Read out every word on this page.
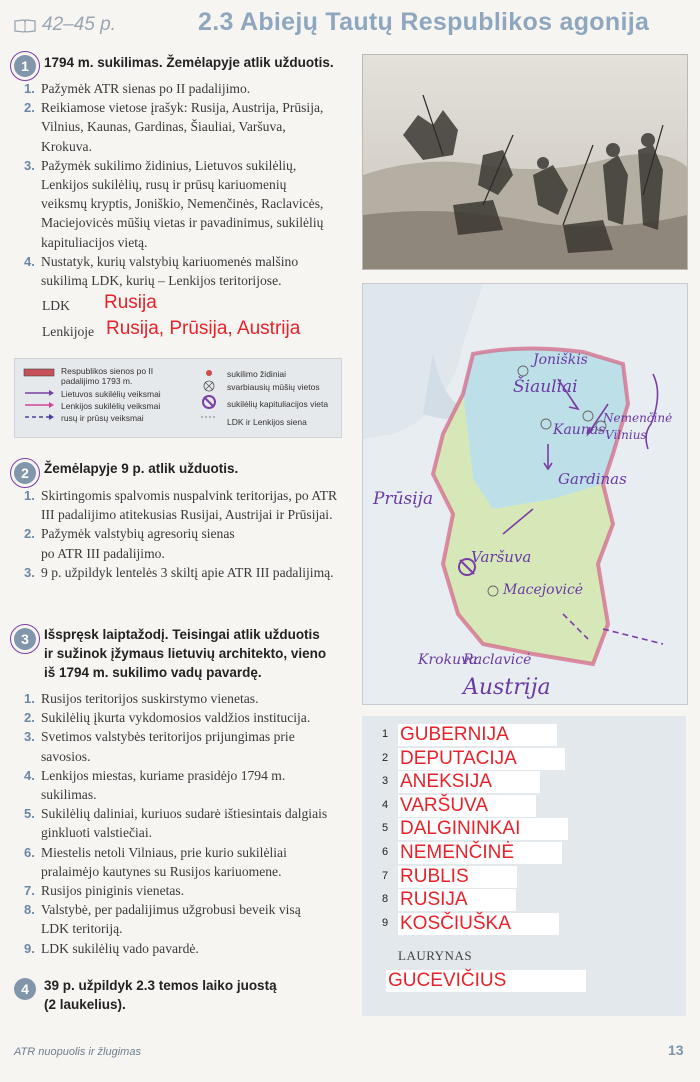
42–45 p.	2.3 Abiejų Tautų Respublikos agonija
1	1794 m. sukilimas. Žemėlapyje atlik užduotis.
1. Pažymėk ATR sienas po II padalijimo.
2. Reikiamose vietose įrašyk: Rusija, Austrija, Prūsija,
Vilnius, Kaunas, Gardinas, Šiauliai, Varšuva,
Krokuva.
3. Pažymėk sukilimo židinius, Lietuvos sukilėlių,
Lenkijos sukilėlių, rusų ir prūsų kariuomenių
veiksmų kryptis, Joniškio, Nemenčinės, Raclavicės,
Maciejovicės mūšių vietas ir pavadinimus, sukilėlių
kapituliacijos vietą.
4. Nustatyk, kurių valstybių kariuomenės malšino
sukilimą LDK, kurių – Lenkijos teritorijose.
LDK Rusija
Lenkijoje Rusija, Prūsija, Austrija
Respublikos sienos po II padalijimo 1793 m.
Lietuvos sukilėlių veiksmai
Lenkijos sukilėlių veiksmai
rusų ir prūsų veiksmai
sukilimo židiniai
svarbiausių mūšių vietos
sukilėlių kapituliacijos vieta
LDK ir Lenkijos siena
2	Žemėlapyje 9 p. atlik užduotis.
1. Skirtingomis spalvomis nuspalvink teritorijas, po ATR
III padalijimo atitekusias Rusijai, Austrijai ir Prūsijai.
2. Pažymėk valstybių agresorių sienas
po ATR III padalijimo.
3. 9 p. užpildyk lentelės 3 skiltį apie ATR III padalijimą.
3	Išspręsk laiptažodį. Teisingai atlik užduotis
ir sužinok įžymaus lietuvių architekto, vieno
iš 1794 m. sukilimo vadų pavardę.
1. Rusijos teritorijos suskirstymo vienetas.
2. Sukilėlių įkurta vykdomosios valdžios institucija.
3. Svetimos valstybės teritorijos prijungimas prie
savosios.
4. Lenkijos miestas, kuriame prasidėjo 1794 m.
sukilimas.
5. Sukilėlių daliniai, kuriuos sudarė ištiesintais dalgiais
ginkluoti valstiečiai.
6. Miestelis netoli Vilniaus, prie kurio sukilėliai
pralaimėjo kautynes su Rusijos kariuomene.
7. Rusijos piniginis vienetas.
8. Valstybė, per padalijimus užgrobusi beveik visą
LDK teritoriją.
9. LDK sukilėlių vado pavardė.
4	39 p. užpildyk 2.3 temos laiko juostą
(2 laukelius).
Joniškis
Šiauliai
Kaunas
Nemenčinė
Vilnius
Gardinas
Varšuva
Macejovicė
Krokuva
Raclavicė
Prūsija
Austrija
1 GUBERNIJA
2 DEPUTACIJA
3 ANEKSIJA
4 VARŠUVA
5 DALGININKAI
6 NEMENČINĖ
7 RUBLIS
8 RUSIJA
9 KOSČIUŠKA
LAURYNAS
GUCEVIČIUS
ATR nuopuolis ir žlugimas	13
